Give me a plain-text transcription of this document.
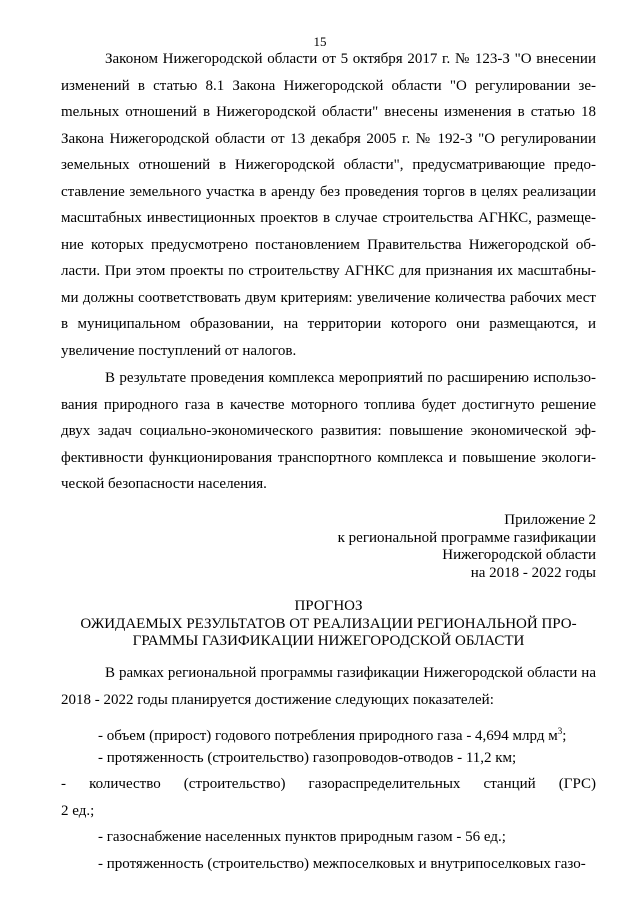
15
Законом Нижегородской области от 5 октября 2017 г. № 123-З "О внесении изменений в статью 8.1 Закона Нижегородской области "О регулировании зеmельных отношений в Нижегородской области" внесены изменения в статью 18 Закона Нижегородской области от 13 декабря 2005 г. № 192-З "О регулировании земельных отношений в Нижегородской области", предусматривающие предоставление земельного участка в аренду без проведения торгов в целях реализации масштабных инвестиционных проектов в случае строительства АГНКС, размещение которых предусмотрено постановлением Правительства Нижегородской области. При этом проекты по строительству АГНКС для признания их масштабными должны соответствовать двум критериям: увеличение количества рабочих мест в муниципальном образовании, на территории которого они размещаются, и увеличение поступлений от налогов.
В результате проведения комплекса мероприятий по расширению использования природного газа в качестве моторного топлива будет достигнуто решение двух задач социально-экономического развития: повышение экономической эффективности функционирования транспортного комплекса и повышение экологической безопасности населения.
Приложение 2
к региональной программе газификации
Нижегородской области
на 2018 - 2022 годы
ПРОГНОЗ
ОЖИДАЕМЫХ РЕЗУЛЬТАТОВ ОТ РЕАЛИЗАЦИИ РЕГИОНАЛЬНОЙ ПРО-
ГРАММЫ ГАЗИФИКАЦИИ НИЖЕГОРОДСКОЙ ОБЛАСТИ
В рамках региональной программы газификации Нижегородской области на 2018 - 2022 годы планируется достижение следующих показателей:
- объем (прирост) годового потребления природного газа - 4,694 млрд $м^3$;
- протяженность (строительство) газопроводов-отводов - 11,2 км;
- количество (строительство) газораспределительных станций (ГРС)
2 ед.;
- газоснабжение населенных пунктов природным газом - 56 ед.;
- протяженность (строительство) межпоселковых и внутрипоселковых газо-
